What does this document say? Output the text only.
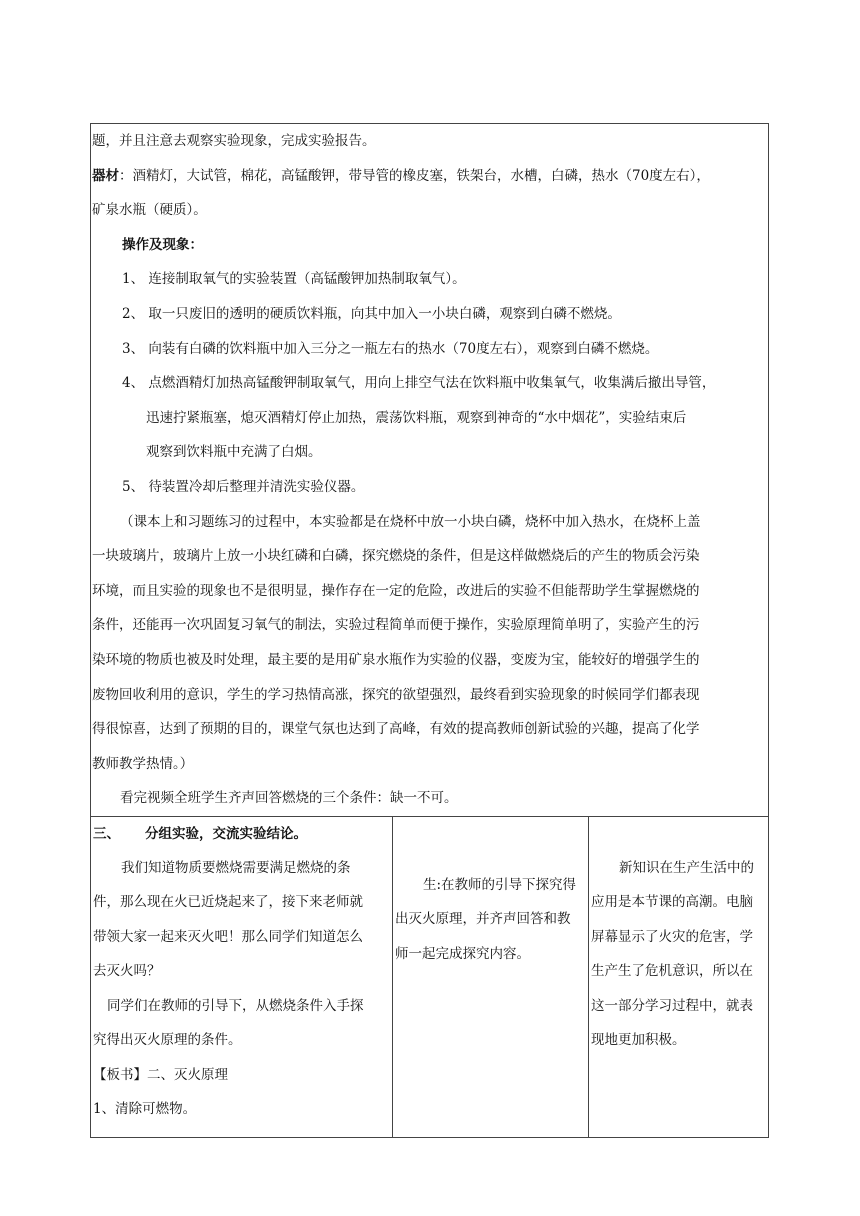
题，并且注意去观察实验现象，完成实验报告。
器材：酒精灯，大试管，棉花，高锰酸钾，带导管的橡皮塞，铁架台，水槽，白磷，热水（70度左右），
矿泉水瓶（硬质）。
操作及现象：
1、 连接制取氧气的实验装置（高锰酸钾加热制取氧气）。
2、 取一只废旧的透明的硬质饮料瓶，向其中加入一小块白磷，观察到白磷不燃烧。
3、 向装有白磷的饮料瓶中加入三分之一瓶左右的热水（70度左右），观察到白磷不燃烧。
4、 点燃酒精灯加热高锰酸钾制取氧气，用向上排空气法在饮料瓶中收集氧气，收集满后撤出导管，
迅速拧紧瓶塞，熄灭酒精灯停止加热，震荡饮料瓶，观察到神奇的“水中烟花”，实验结束后
观察到饮料瓶中充满了白烟。
5、 待装置冷却后整理并清洗实验仪器。
（课本上和习题练习的过程中，本实验都是在烧杯中放一小块白磷，烧杯中加入热水，在烧杯上盖
一块玻璃片，玻璃片上放一小块红磷和白磷，探究燃烧的条件，但是这样做燃烧后的产生的物质会污染
环境，而且实验的现象也不是很明显，操作存在一定的危险，改进后的实验不但能帮助学生掌握燃烧的
条件，还能再一次巩固复习氧气的制法，实验过程简单而便于操作，实验原理简单明了，实验产生的污
染环境的物质也被及时处理，最主要的是用矿泉水瓶作为实验的仪器，变废为宝，能较好的增强学生的
废物回收利用的意识，学生的学习热情高涨，探究的欲望强烈，最终看到实验现象的时候同学们都表现
得很惊喜，达到了预期的目的，课堂气氛也达到了高峰，有效的提高教师创新试验的兴趣，提高了化学
教师教学热情。）
看完视频全班学生齐声回答燃烧的三个条件：缺一不可。

三、 分组实验，交流实验结论。
我们知道物质要燃烧需要满足燃烧的条
件，那么现在火已近烧起来了，接下来老师就
带领大家一起来灭火吧！那么同学们知道怎么
去灭火吗？
同学们在教师的引导下，从燃烧条件入手探
究得出灭火原理的条件。
【板书】二、灭火原理
1、清除可燃物。

生:在教师的引导下探究得
出灭火原理，并齐声回答和教
师一起完成探究内容。

新知识在生产生活中的
应用是本节课的高潮。电脑
屏幕显示了火灾的危害，学
生产生了危机意识，所以在
这一部分学习过程中，就表
现地更加积极。
